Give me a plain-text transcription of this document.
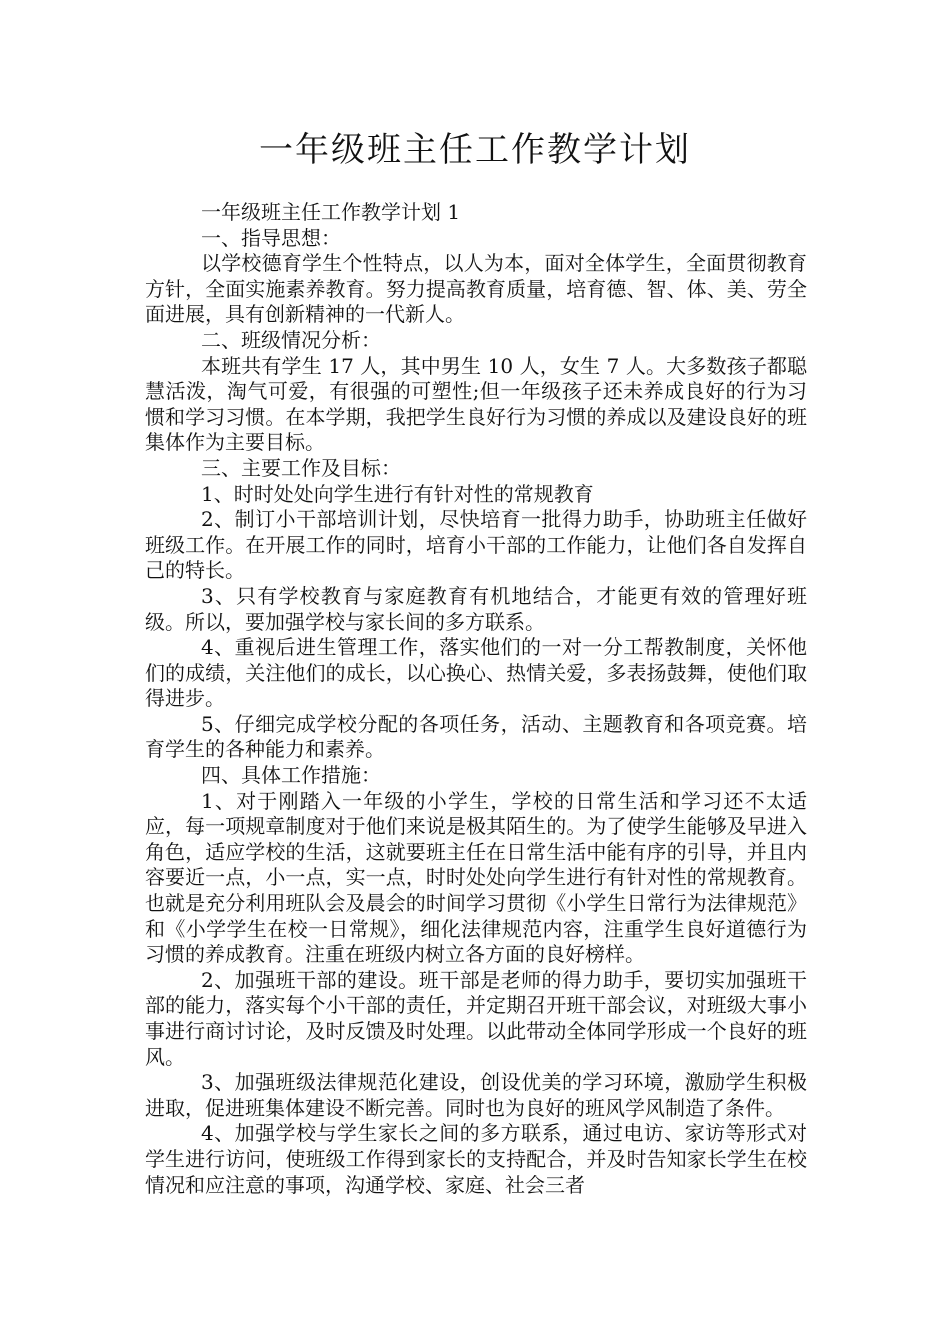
一年级班主任工作教学计划

一年级班主任工作教学计划 1

一、指导思想：

以学校德育学生个性特点，以人为本，面对全体学生，全面贯彻教育方针，全面实施素养教育。努力提高教育质量，培育德、智、体、美、劳全面进展，具有创新精神的一代新人。

二、班级情况分析：

本班共有学生 17 人，其中男生 10 人，女生 7 人。大多数孩子都聪慧活泼，淘气可爱，有很强的可塑性;但一年级孩子还未养成良好的行为习惯和学习习惯。在本学期，我把学生良好行为习惯的养成以及建设良好的班集体作为主要目标。

三、主要工作及目标：

1、时时处处向学生进行有针对性的常规教育

2、制订小干部培训计划，尽快培育一批得力助手，协助班主任做好班级工作。在开展工作的同时，培育小干部的工作能力，让他们各自发挥自己的特长。

3、只有学校教育与家庭教育有机地结合，才能更有效的管理好班级。所以，要加强学校与家长间的多方联系。

4、重视后进生管理工作，落实他们的一对一分工帮教制度，关怀他们的成绩，关注他们的成长，以心换心、热情关爱，多表扬鼓舞，使他们取得进步。

5、仔细完成学校分配的各项任务，活动、主题教育和各项竞赛。培育学生的各种能力和素养。

四、具体工作措施：

1、对于刚踏入一年级的小学生，学校的日常生活和学习还不太适应，每一项规章制度对于他们来说是极其陌生的。为了使学生能够及早进入角色，适应学校的生活，这就要班主任在日常生活中能有序的引导，并且内容要近一点，小一点，实一点，时时处处向学生进行有针对性的常规教育。也就是充分利用班队会及晨会的时间学习贯彻《小学生日常行为法律规范》和《小学学生在校一日常规》，细化法律规范内容，注重学生良好道德行为习惯的养成教育。注重在班级内树立各方面的良好榜样。

2、加强班干部的建设。班干部是老师的得力助手，要切实加强班干部的能力，落实每个小干部的责任，并定期召开班干部会议，对班级大事小事进行商讨讨论，及时反馈及时处理。以此带动全体同学形成一个良好的班风。

3、加强班级法律规范化建设，创设优美的学习环境，激励学生积极进取，促进班集体建设不断完善。同时也为良好的班风学风制造了条件。

4、加强学校与学生家长之间的多方联系，通过电访、家访等形式对学生进行访问，使班级工作得到家长的支持配合，并及时告知家长学生在校情况和应注意的事项，沟通学校、家庭、社会三者
